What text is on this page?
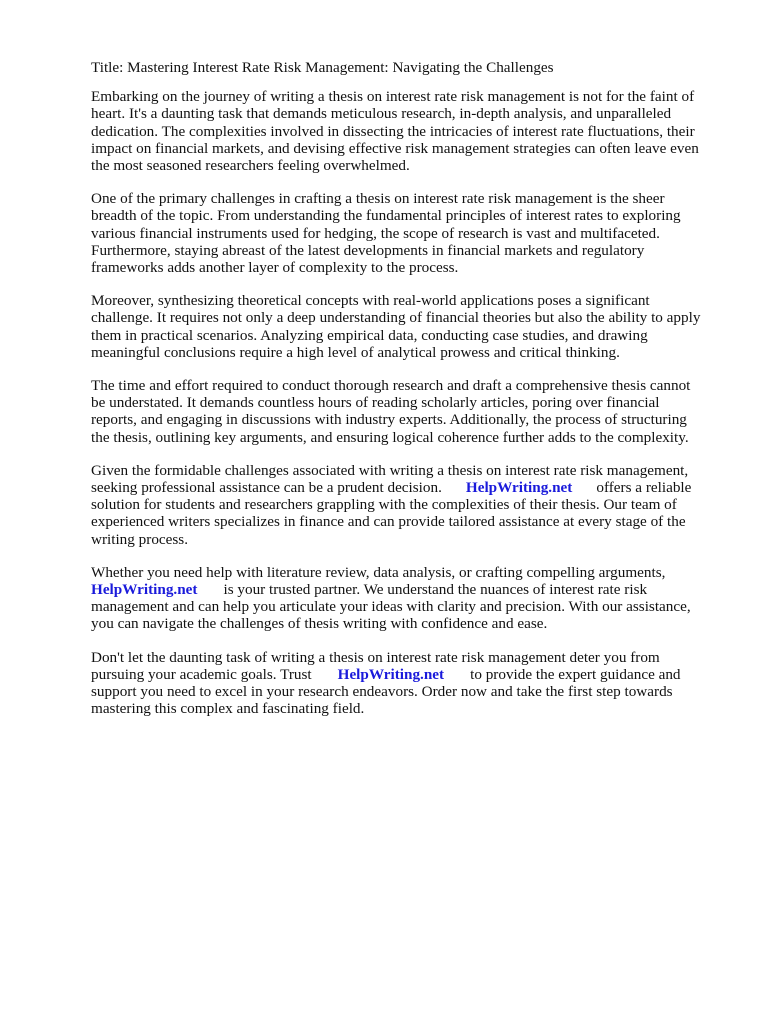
Title: Mastering Interest Rate Risk Management: Navigating the Challenges

Embarking on the journey of writing a thesis on interest rate risk management is not for the faint of
heart. It's a daunting task that demands meticulous research, in-depth analysis, and unparalleled
dedication. The complexities involved in dissecting the intricacies of interest rate fluctuations, their
impact on financial markets, and devising effective risk management strategies can often leave even
the most seasoned researchers feeling overwhelmed.

One of the primary challenges in crafting a thesis on interest rate risk management is the sheer
breadth of the topic. From understanding the fundamental principles of interest rates to exploring
various financial instruments used for hedging, the scope of research is vast and multifaceted.
Furthermore, staying abreast of the latest developments in financial markets and regulatory
frameworks adds another layer of complexity to the process.

Moreover, synthesizing theoretical concepts with real-world applications poses a significant
challenge. It requires not only a deep understanding of financial theories but also the ability to apply
them in practical scenarios. Analyzing empirical data, conducting case studies, and drawing
meaningful conclusions require a high level of analytical prowess and critical thinking.

The time and effort required to conduct thorough research and draft a comprehensive thesis cannot
be understated. It demands countless hours of reading scholarly articles, poring over financial
reports, and engaging in discussions with industry experts. Additionally, the process of structuring
the thesis, outlining key arguments, and ensuring logical coherence further adds to the complexity.

Given the formidable challenges associated with writing a thesis on interest rate risk management,
seeking professional assistance can be a prudent decision. HelpWriting.net offers a reliable
solution for students and researchers grappling with the complexities of their thesis. Our team of
experienced writers specializes in finance and can provide tailored assistance at every stage of the
writing process.

Whether you need help with literature review, data analysis, or crafting compelling arguments,
HelpWriting.net is your trusted partner. We understand the nuances of interest rate risk
management and can help you articulate your ideas with clarity and precision. With our assistance,
you can navigate the challenges of thesis writing with confidence and ease.

Don't let the daunting task of writing a thesis on interest rate risk management deter you from
pursuing your academic goals. Trust HelpWriting.net to provide the expert guidance and
support you need to excel in your research endeavors. Order now and take the first step towards
mastering this complex and fascinating field.
